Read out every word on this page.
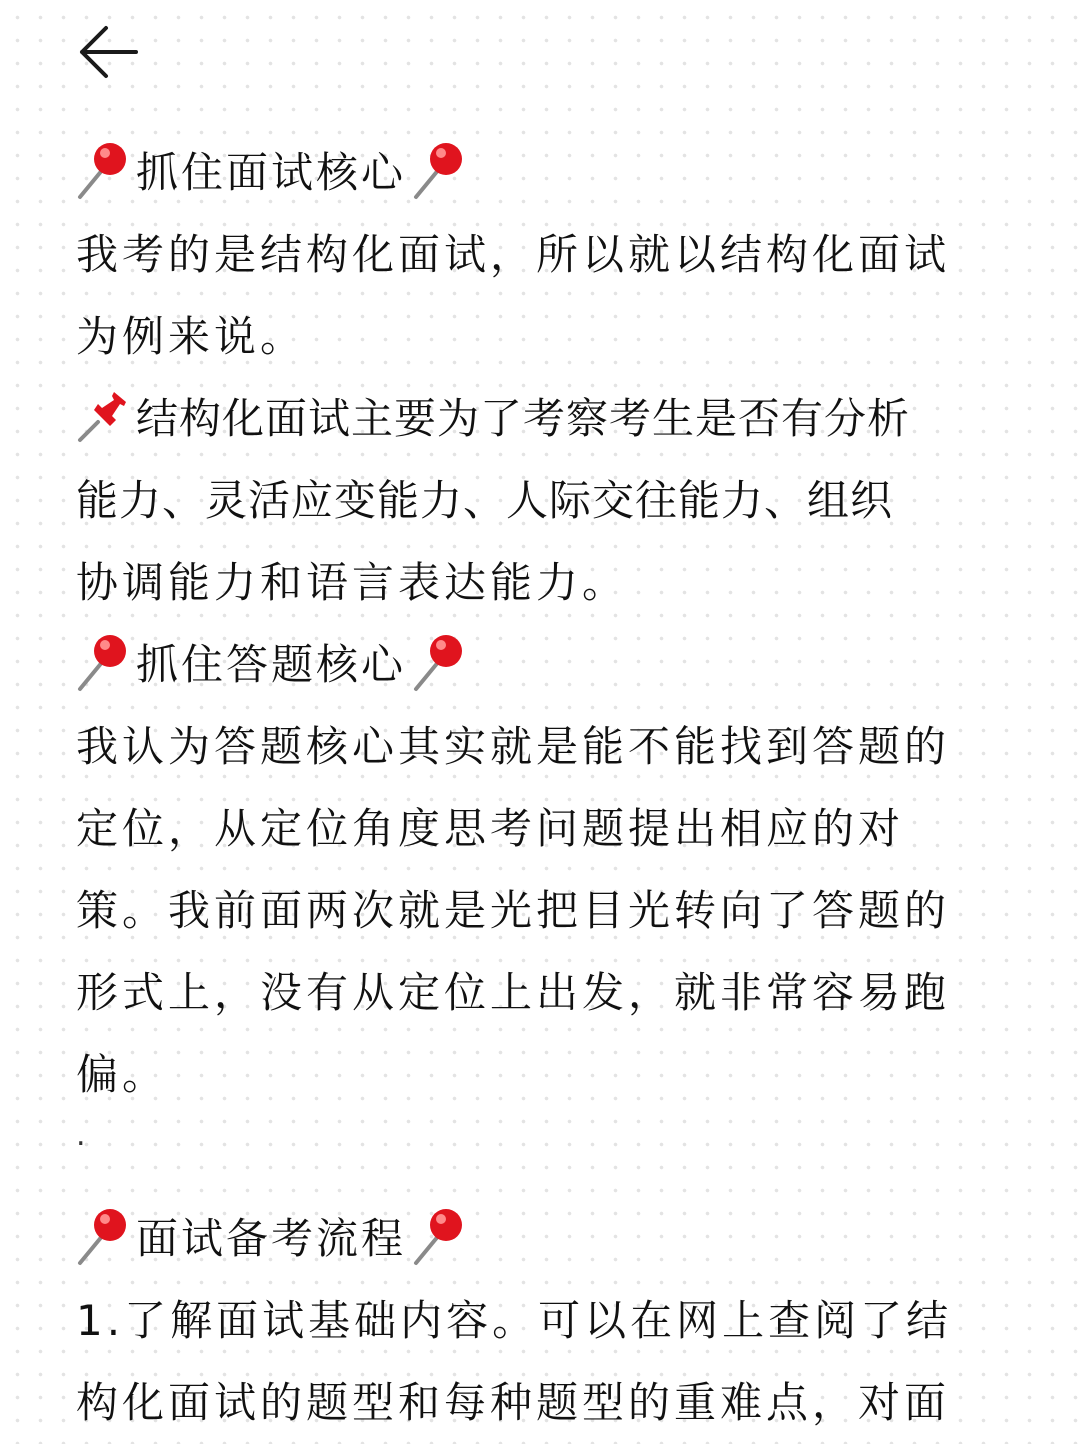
抓住面试核心
我考的是结构化面试，所以就以结构化面试
为例来说。
结构化面试主要为了考察考生是否有分析
能力、灵活应变能力、人际交往能力、组织
协调能力和语言表达能力。
抓住答题核心
我认为答题核心其实就是能不能找到答题的
定位，从定位角度思考问题提出相应的对
策。我前面两次就是光把目光转向了答题的
形式上，没有从定位上出发，就非常容易跑
偏。
.
面试备考流程
1.了解面试基础内容。可以在网上查阅了结
构化面试的题型和每种题型的重难点，对面
